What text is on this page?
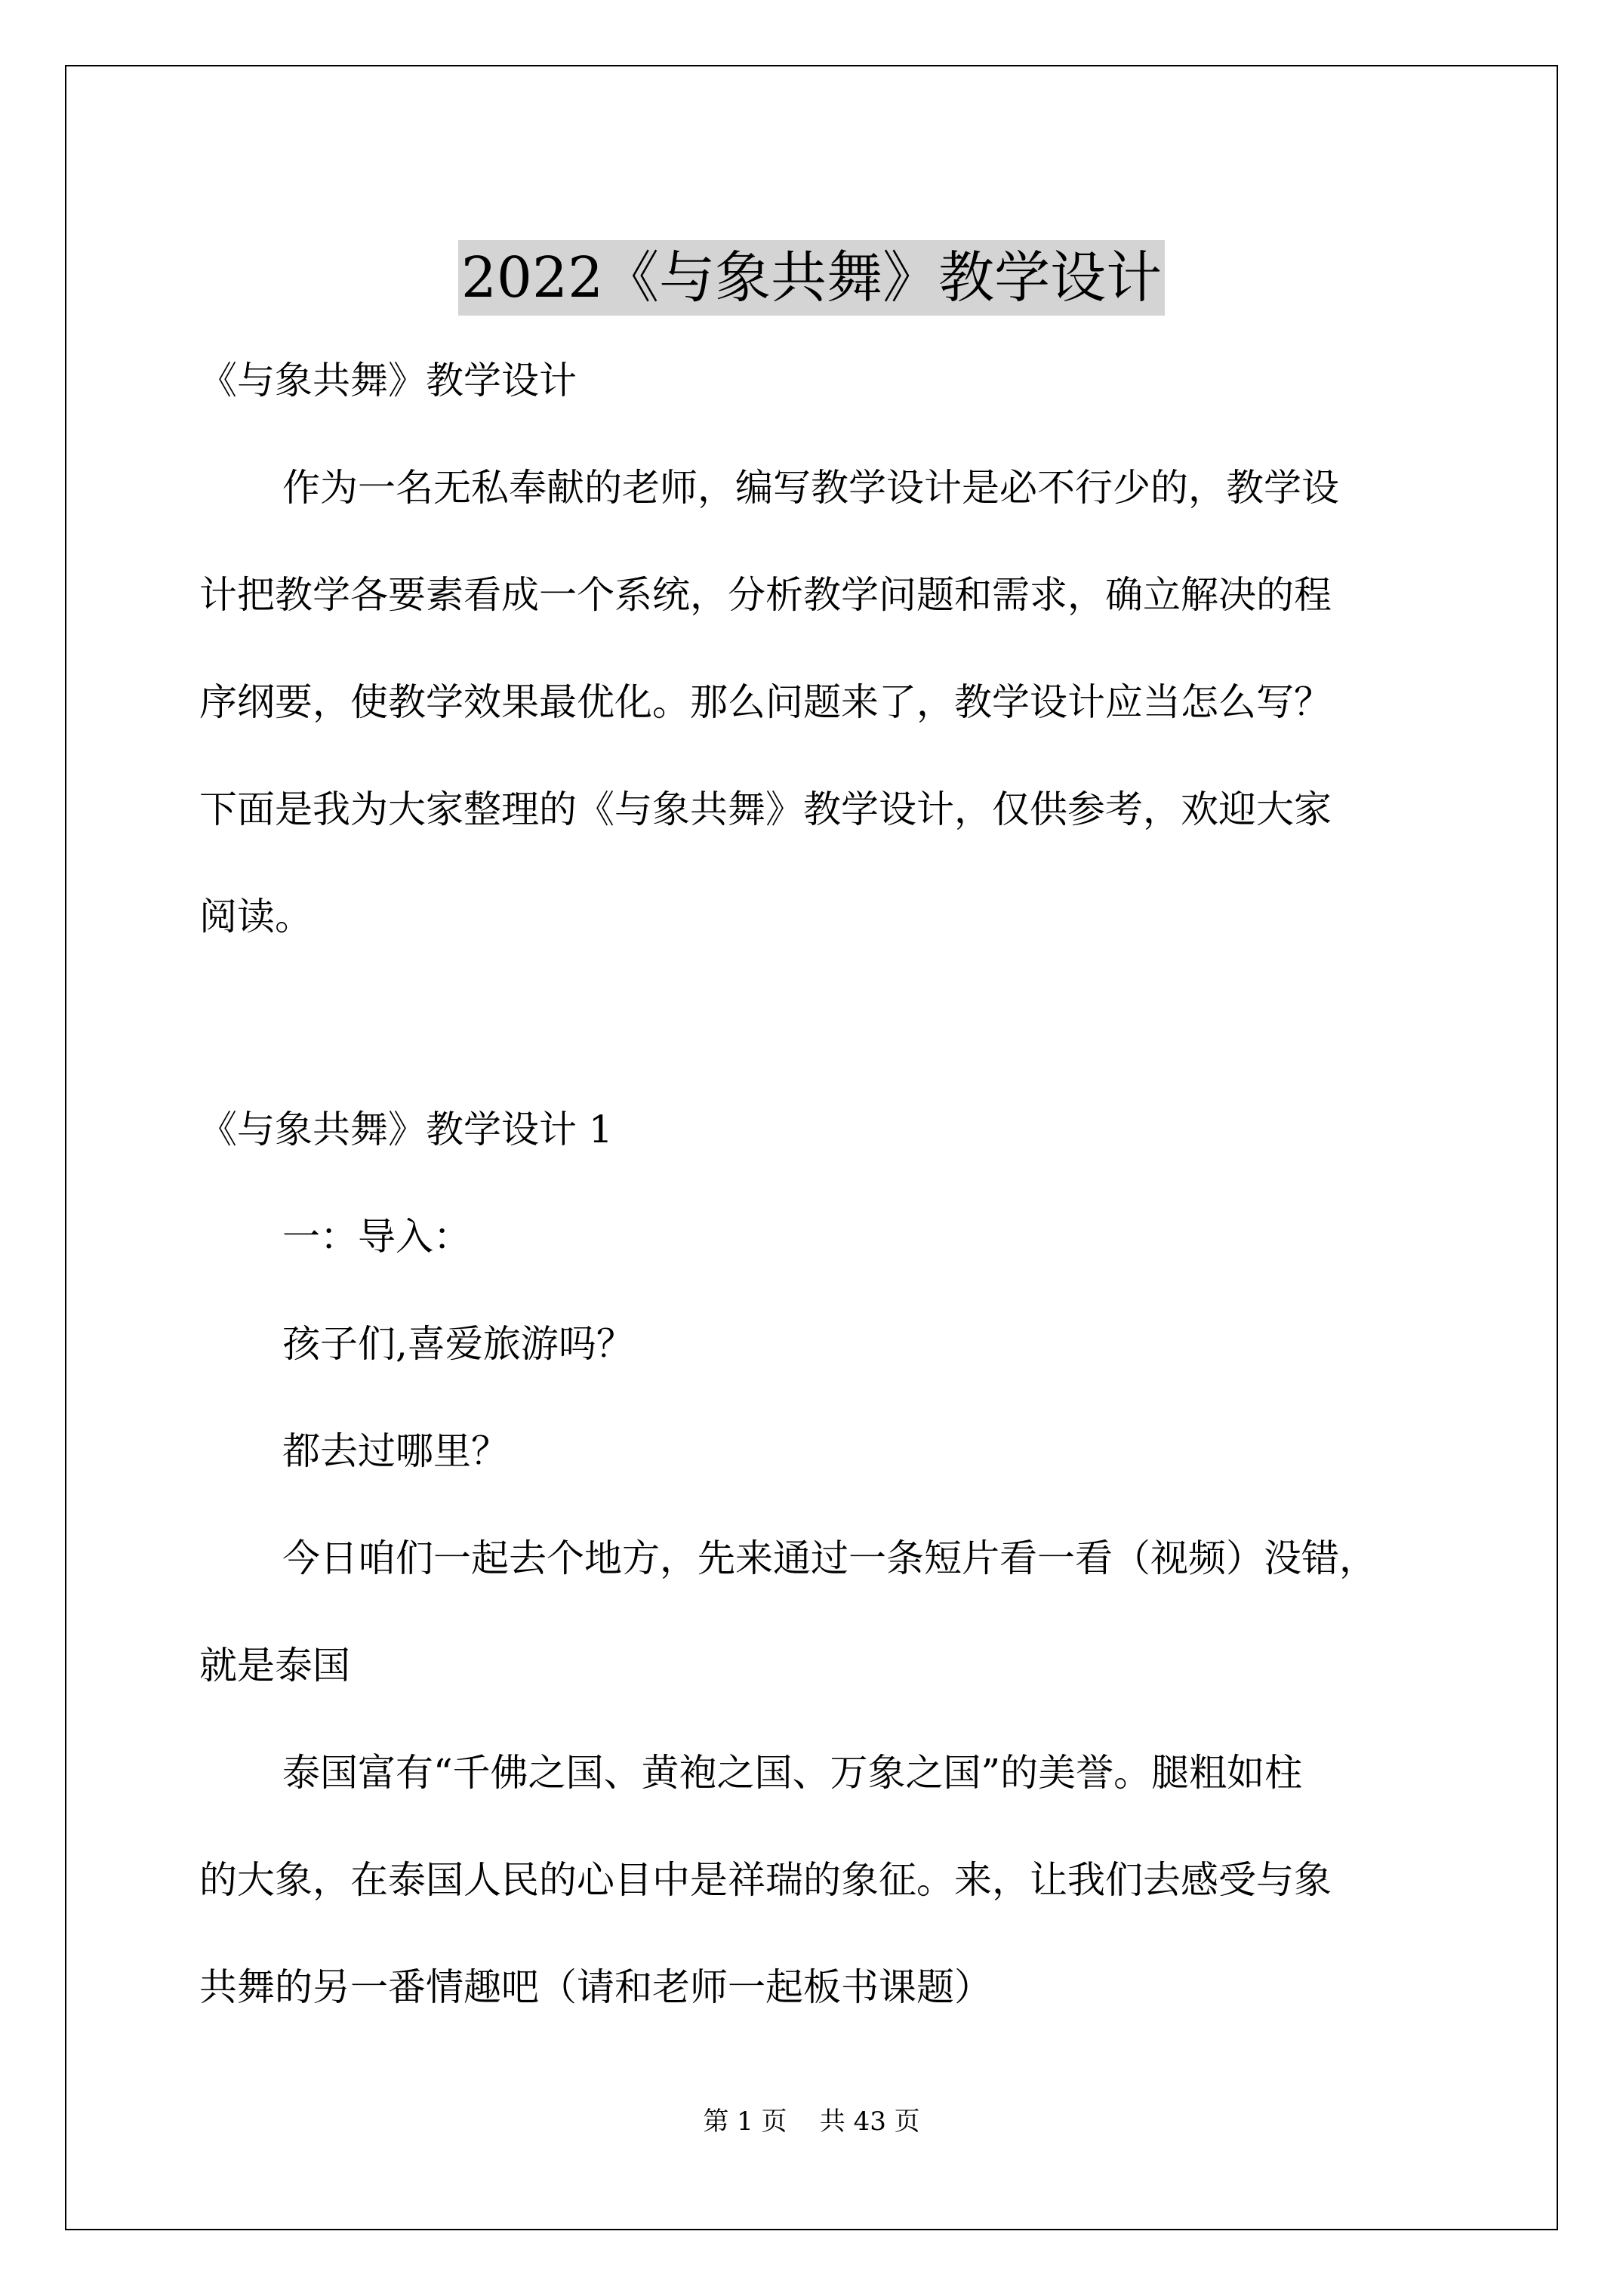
2022《与象共舞》教学设计

《与象共舞》教学设计

作为一名无私奉献的老师，编写教学设计是必不行少的，教学设

计把教学各要素看成一个系统，分析教学问题和需求，确立解决的程

序纲要，使教学效果最优化。那么问题来了，教学设计应当怎么写？

下面是我为大家整理的《与象共舞》教学设计，仅供参考，欢迎大家

阅读。

《与象共舞》教学设计 1

一：导入：

孩子们,喜爱旅游吗？

都去过哪里？

今日咱们一起去个地方，先来通过一条短片看一看（视频）没错，

就是泰国

泰国富有“千佛之国、黄袍之国、万象之国”的美誉。腿粗如柱

的大象，在泰国人民的心目中是祥瑞的象征。来，让我们去感受与象

共舞的另一番情趣吧（请和老师一起板书课题）

第 1 页    共 43 页
